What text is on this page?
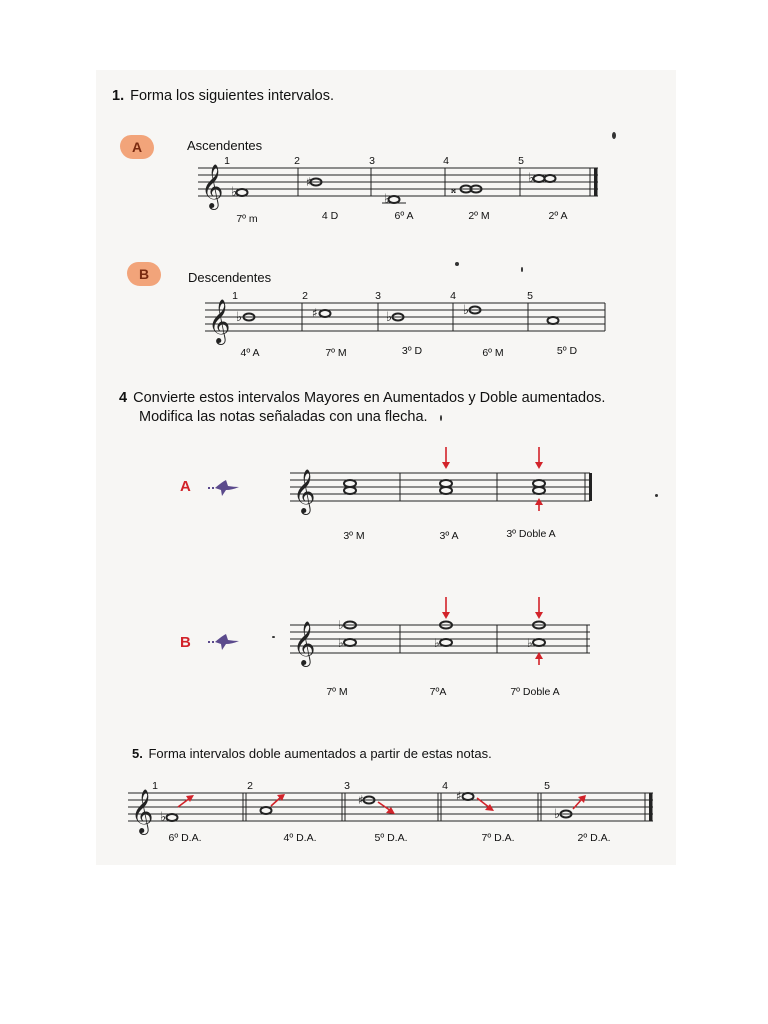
1. Forma los siguientes intervalos.
A	Ascendentes
𝄞 ♭
♯
♭
𝄪
♭
1	2	3	4	5
7º m	4 D	6º A	2º M	2º A
B	Descendentes
𝄞 ♭	♯	♭	♭
1	2	3	4	5
4º A	7º M	3º D	6º M	5º D
4 Convierte estos intervalos Mayores en Aumentados y Doble aumentados.
Modifica las notas señaladas con una flecha.
A	𝄞
3º M	3º A	3º Doble A
B	𝄞 ♭
♭	♭	♭
7º M	7ºA	7º Doble A
5. Forma intervalos doble aumentados a partir de estas notas.
𝄞 ♭
♯	♯
♭
1	2	3	4	5
6º D.A.	4º D.A.	5º D.A.	7º D.A.	2º D.A.
